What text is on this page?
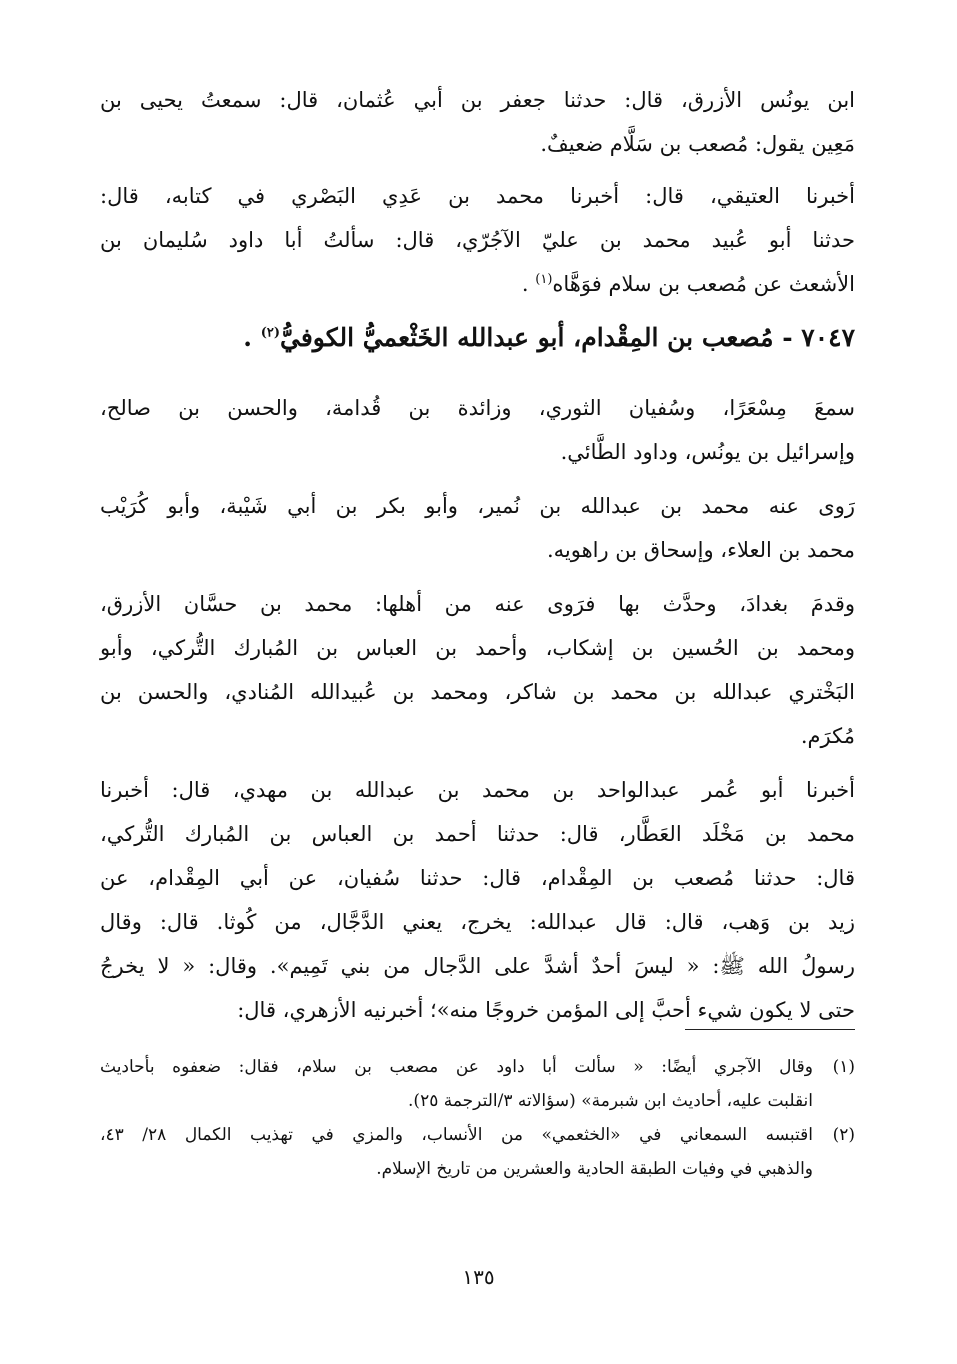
ابن يونُس الأزرق، قال: حدثنا جعفر بن أبي عُثمان، قال: سمعتُ يحيى بن
مَعِين يقول: مُصعب بن سَلَّام ضعيفٌ.
أخبرنا العتيقي، قال: أخبرنا محمد بن عَدِي البَصْري في كتابه، قال:
حدثنا أبو عُبيد محمد بن عليّ الآجُرّي، قال: سألتُ أبا داود سُليمان بن
الأشعث عن مُصعب بن سلام فوَهَّاه$^{(١)}$ .
٧٠٤٧ - مُصعب بن المِقْدام، أبو عبدالله الخَثْعميُّ الكوفيُّ$^{(٢)}$ .
سمعَ مِسْعَرًا، وسُفيان الثوري، وزائدة بن قُدامة، والحسن بن صالح،
وإسرائيل بن يونُس، وداود الطَّائي.
رَوى عنه محمد بن عبدالله بن نُمير، وأبو بكر بن أبي شَيْبة، وأبو كُرَيْب
محمد بن العلاء، وإسحاق بن راهويه.
وقدمَ بغدادَ، وحدَّث بها فرَوى عنه من أهلها: محمد بن حسَّان الأزرق،
ومحمد بن الحُسين بن إشكاب، وأحمد بن العباس بن المُبارك التُّركي، وأبو
البَخْتري عبدالله بن محمد بن شاكر، ومحمد بن عُبيدالله المُنادي، والحسن بن
مُكرَم.
أخبرنا أبو عُمر عبدالواحد بن محمد بن عبدالله بن مهدي، قال: أخبرنا
محمد بن مَخْلَد العَطَّار، قال: حدثنا أحمد بن العباس بن المُبارك التُّركي،
قال: حدثنا مُصعب بن المِقْدام، قال: حدثنا سُفيان، عن أبي المِقْدام، عن
زيد بن وَهب، قال: قال عبدالله: يخرج، يعني الدَّجَّال، من كُوثا. قال: وقال
رسولُ الله ﷺ: « ليسَ أحدٌ أشدَّ على الدَّجال من بني تَمِيم». وقال: « لا يخرجُ
حتى لا يكون شيء أحبَّ إلى المؤمن خروجًا منه»؛ أخبرنيه الأزهري، قال:
(١)
وقال الآجري أيضًا: « سألت أبا داود عن مصعب بن سلام، فقال: ضعفوه بأحاديث
انقلبت عليه، أحاديث ابن شبرمة» (سؤالاته ٣/الترجمة ٢٥).
(٢)
اقتبسه السمعاني في «الخثعمي» من الأنساب، والمزي في تهذيب الكمال ٢٨/ ٤٣،
والذهبي في وفيات الطبقة الحادية والعشرين من تاريخ الإسلام.
١٣٥
